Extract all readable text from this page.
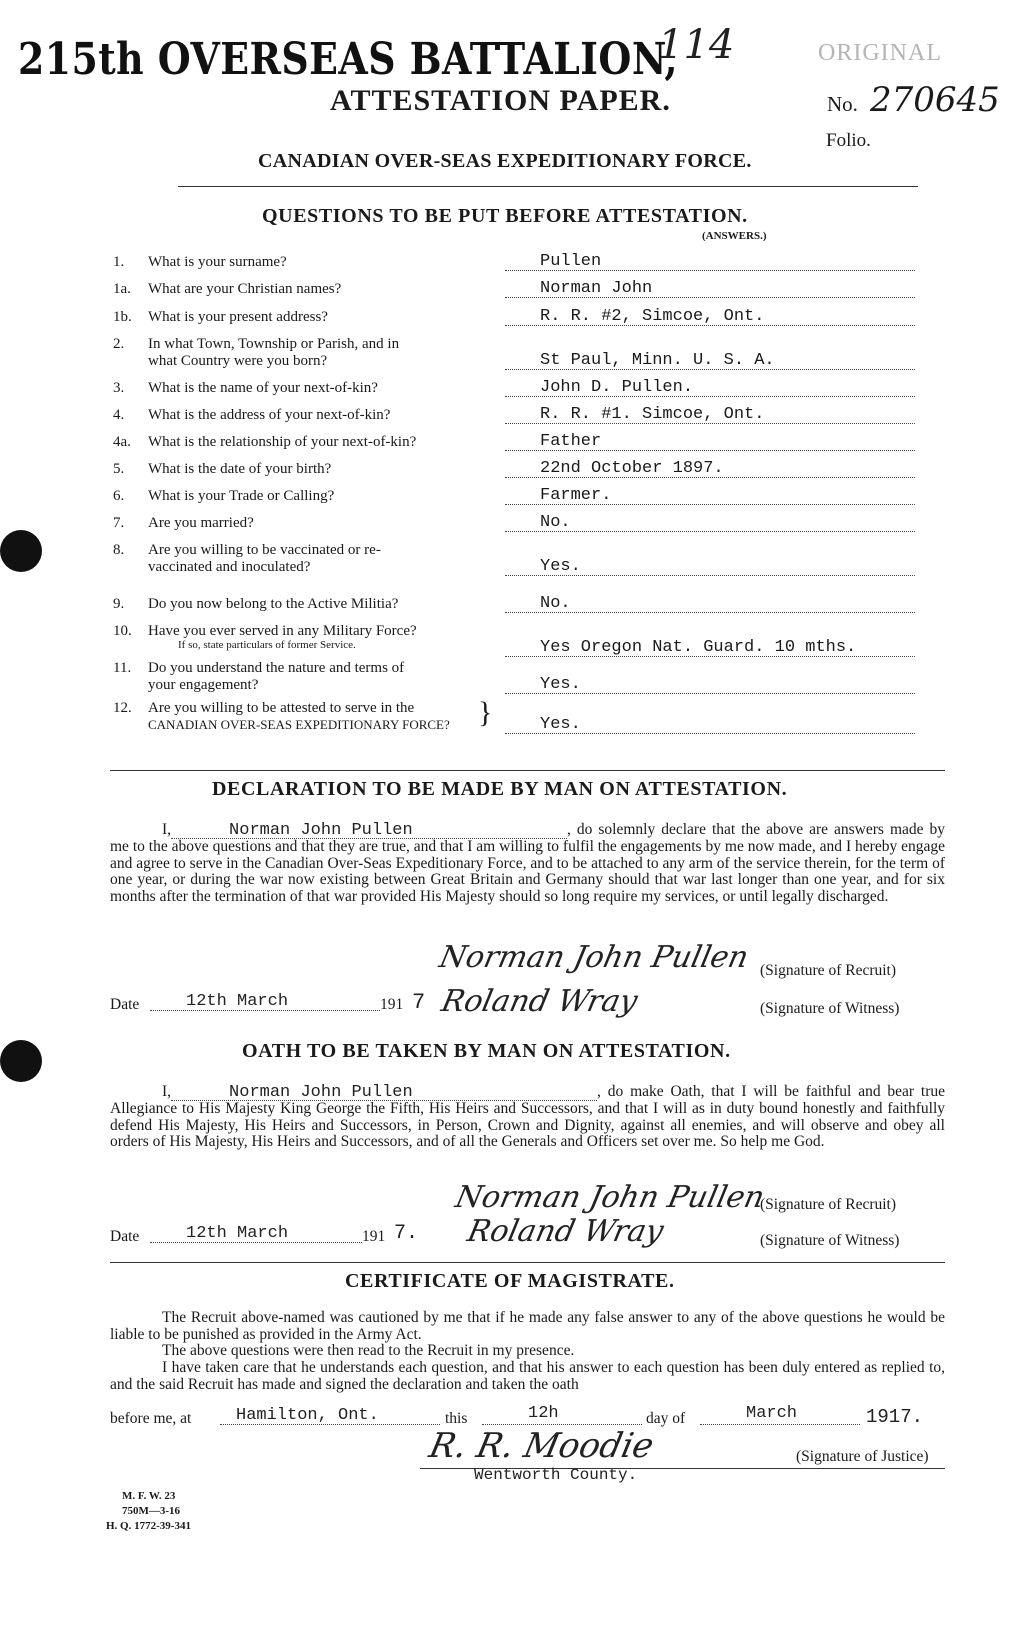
215th OVERSEAS BATTALION,
114	ORIGINAL
ATTESTATION PAPER.	No. 270645
Folio.
CANADIAN OVER-SEAS EXPEDITIONARY FORCE.
QUESTIONS TO BE PUT BEFORE ATTESTATION.
(ANSWERS.)
1. What is your surname?	Pullen
1a. What are your Christian names?	Norman John
1b. What is your present address?	R. R. #2, Simcoe, Ont.
2. In what Town, Township or Parish, and in
what Country were you born?	St Paul, Minn. U. S. A.
3. What is the name of your next-of-kin?	John D. Pullen.
4. What is the address of your next-of-kin?	R. R. #1. Simcoe, Ont.
4a. What is the relationship of your next-of-kin?	Father
5. What is the date of your birth?	22nd October 1897.
6. What is your Trade or Calling?	Farmer.
7. Are you married?	No.
8. Are you willing to be vaccinated or re-
vaccinated and inoculated?	Yes.
9. Do you now belong to the Active Militia?	No.
10. Have you ever served in any Military Force?
If so, state particulars of former Service.	Yes Oregon Nat. Guard. 10 mths.
11. Do you understand the nature and terms of
your engagement?	Yes.
12. Are you willing to be attested to serve in the
CANADIAN OVER-SEAS EXPEDITIONARY FORCE?	Yes.
}
DECLARATION TO BE MADE BY MAN ON ATTESTATION.
I,	Norman John Pullen	, do solemnly declare that the above are answers made by me to the above questions and that they are true, and that I am willing to fulfil the engagements by me now made, and I hereby engage and agree to serve in the Canadian Over-Seas Expeditionary Force, and to be attached to any arm of the service therein, for the term of one year, or during the war now existing between Great Britain and Germany should that war last longer than one year, and for six months after the termination of that war provided His Majesty should so long require my services, or until legally discharged.
Norman John Pullen (Signature of Recruit)
Date	12th March	191 7 Roland Wray	(Signature of Witness)
OATH TO BE TAKEN BY MAN ON ATTESTATION.
I,	Norman John Pullen	, do make Oath, that I will be faithful and bear true Allegiance to His Majesty King George the Fifth, His Heirs and Successors, and that I will as in duty bound honestly and faithfully defend His Majesty, His Heirs and Successors, in Person, Crown and Dignity, against all enemies, and will observe and obey all orders of His Majesty, His Heirs and Successors, and of all the Generals and Officers set over me. So help me God.
Norman John Pullen
(Signature of Recruit)
Date	12th March	191 7. Roland Wray	(Signature of Witness)
CERTIFICATE OF MAGISTRATE.
The Recruit above-named was cautioned by me that if he made any false answer to any of the above questions he would be liable to be punished as provided in the Army Act.
The above questions were then read to the Recruit in my presence.
I have taken care that he understands each question, and that his answer to each question has been duly entered as replied to, and the said Recruit has made and signed the declaration and taken the oath
before me, at	Hamilton, Ont.	this	12h	day of	March	1917.
R. R. Moodie	(Signature of Justice)
Wentworth County.
M. F. W. 23
750M—3-16
H. Q. 1772-39-341
